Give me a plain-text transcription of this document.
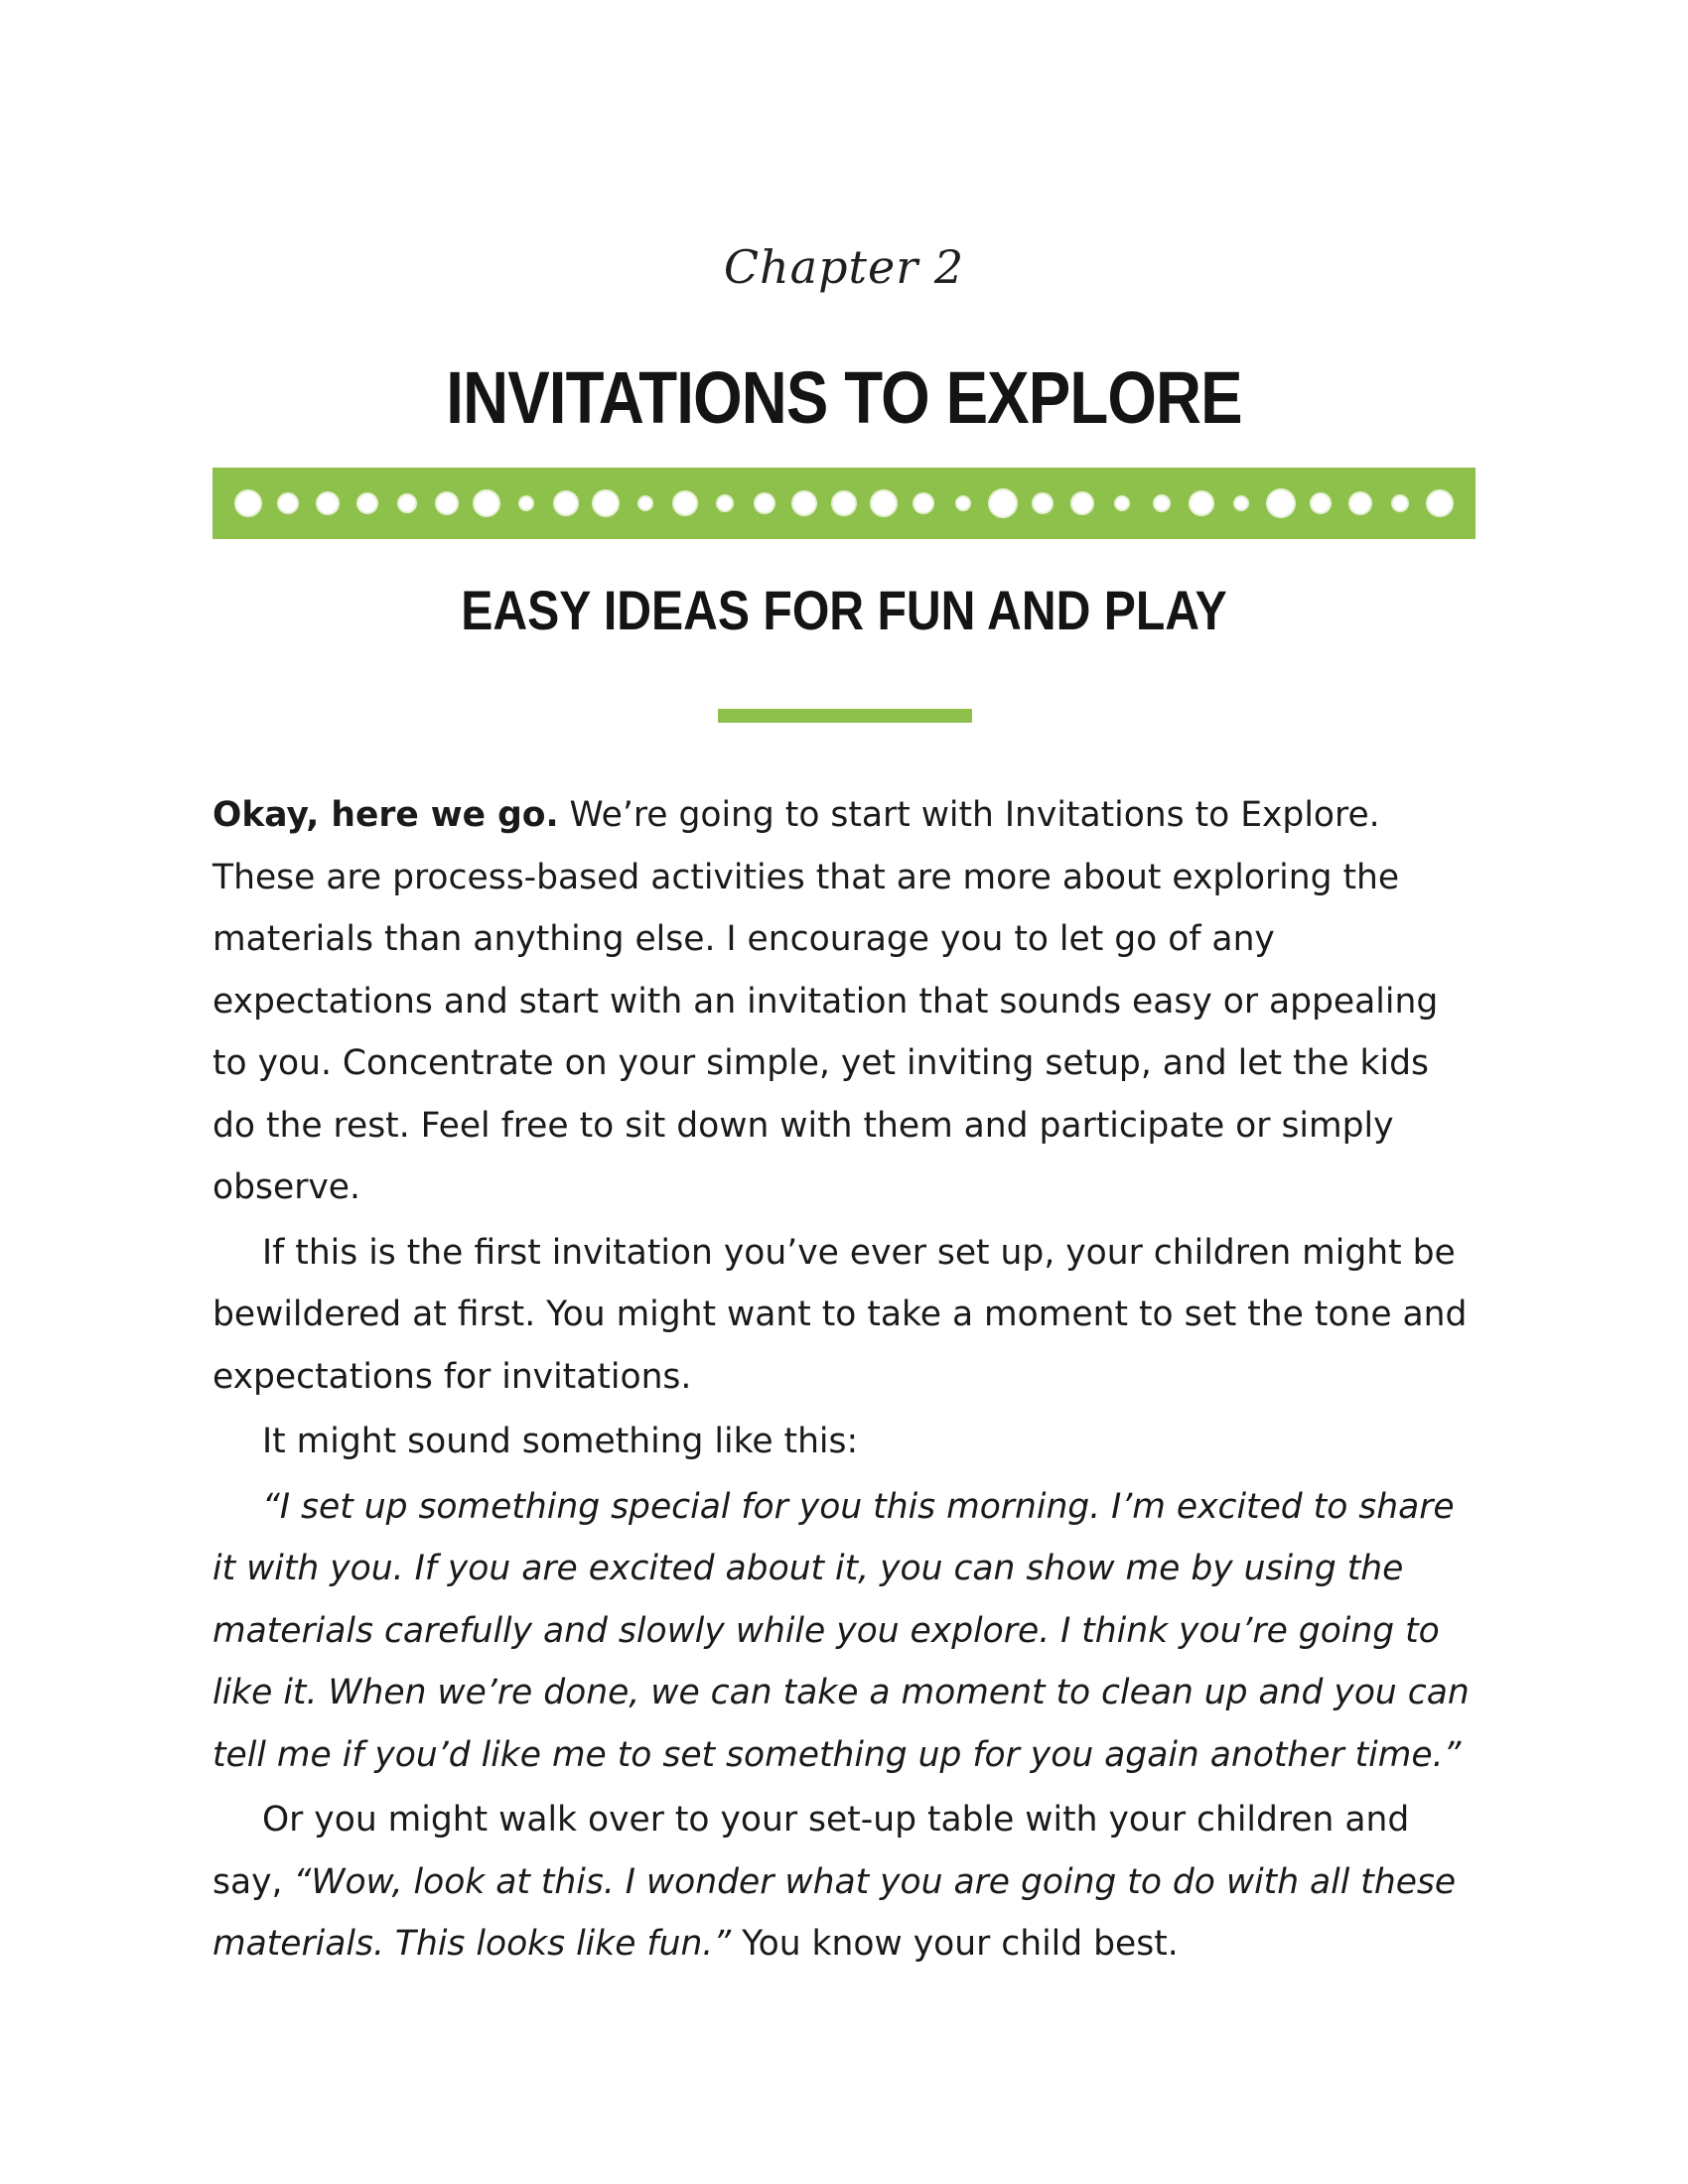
Chapter 2
INVITATIONS TO EXPLORE
EASY IDEAS FOR FUN AND PLAY

Okay, here we go. We’re going to start with Invitations to Explore. These are process-based activities that are more about exploring the materials than anything else. I encourage you to let go of any expectations and start with an invitation that sounds easy or appealing to you. Concentrate on your simple, yet inviting setup, and let the kids do the rest. Feel free to sit down with them and participate or simply observe.

If this is the first invitation you’ve ever set up, your children might be bewildered at first. You might want to take a moment to set the tone and expectations for invitations.

It might sound something like this:

“I set up something special for you this morning. I’m excited to share it with you. If you are excited about it, you can show me by using the materials carefully and slowly while you explore. I think you’re going to like it. When we’re done, we can take a moment to clean up and you can tell me if you’d like me to set something up for you again another time.”

Or you might walk over to your set-up table with your children and say, “Wow, look at this. I wonder what you are going to do with all these materials. This looks like fun.” You know your child best.
